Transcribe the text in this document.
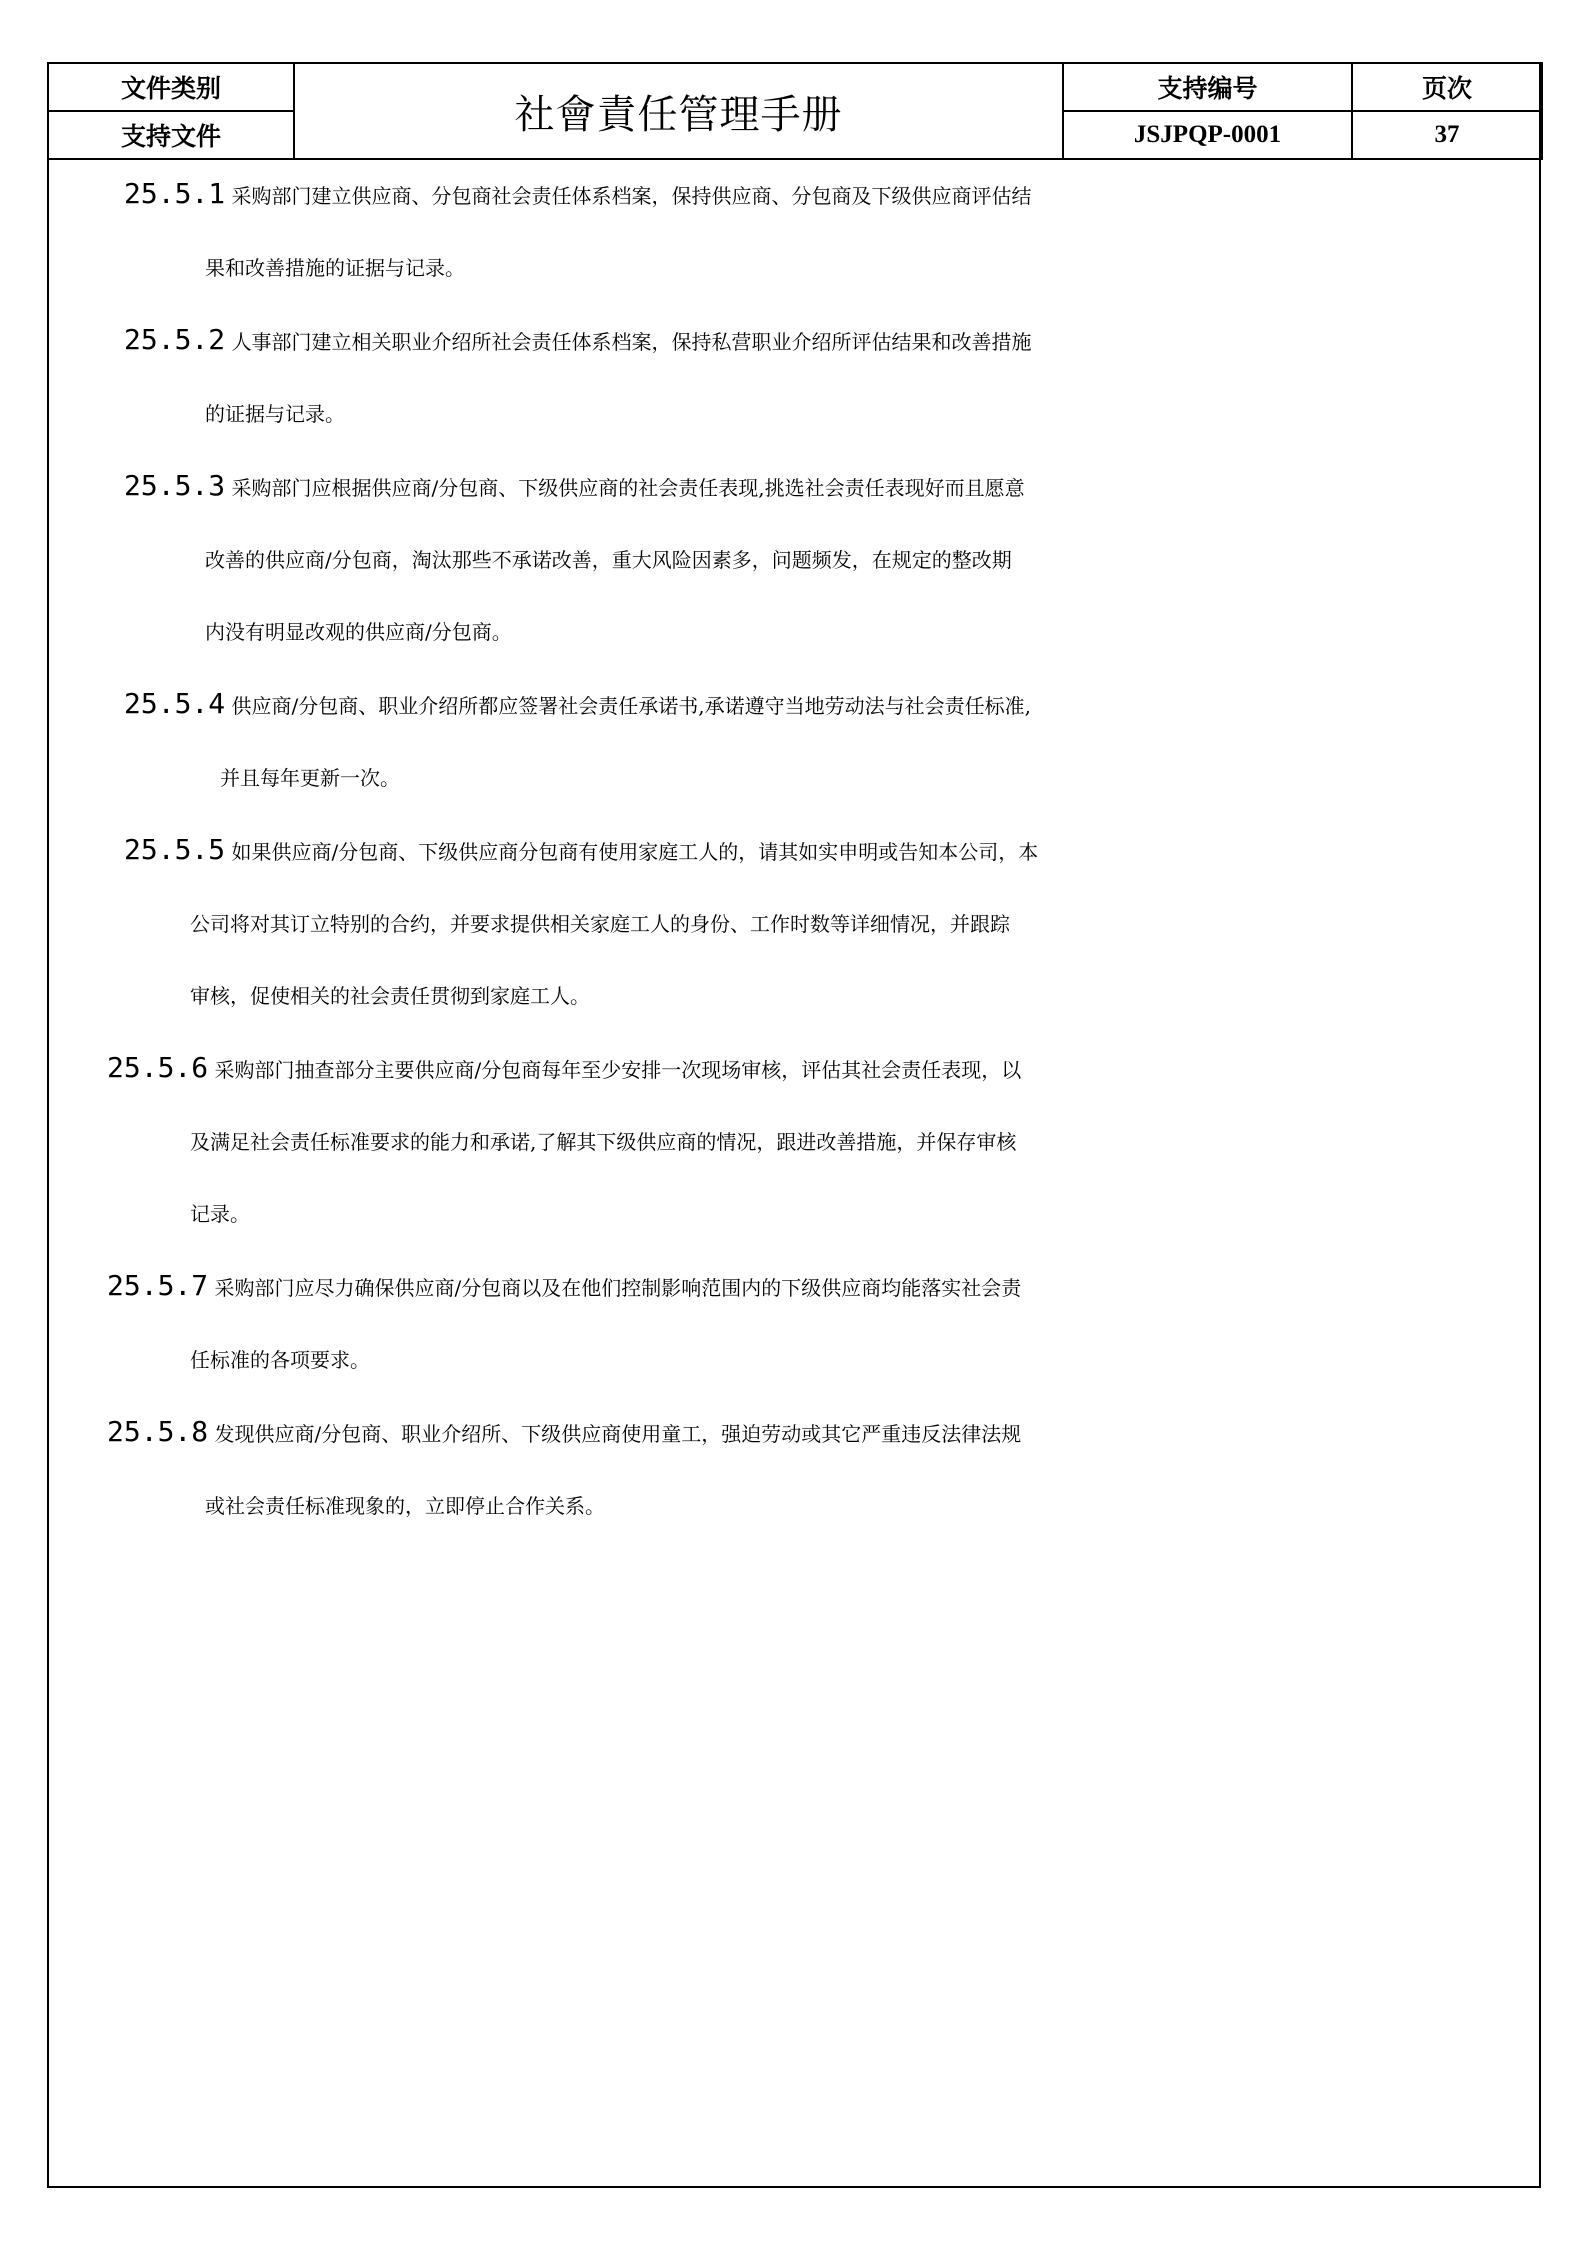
文件类别	社會責任管理手册	支持编号	页次
支持文件		JSJPQP-0001	37

25.5.1 采购部门建立供应商、分包商社会责任体系档案，保持供应商、分包商及下级供应商评估结
果和改善措施的证据与记录。

25.5.2 人事部门建立相关职业介绍所社会责任体系档案，保持私营职业介绍所评估结果和改善措施
的证据与记录。

25.5.3 采购部门应根据供应商/分包商、下级供应商的社会责任表现,挑选社会责任表现好而且愿意
改善的供应商/分包商，淘汰那些不承诺改善，重大风险因素多，问题频发，在规定的整改期
内没有明显改观的供应商/分包商。

25.5.4 供应商/分包商、职业介绍所都应签署社会责任承诺书,承诺遵守当地劳动法与社会责任标准,
并且每年更新一次。

25.5.5 如果供应商/分包商、下级供应商分包商有使用家庭工人的，请其如实申明或告知本公司，本
公司将对其订立特别的合约，并要求提供相关家庭工人的身份、工作时数等详细情况，并跟踪
审核，促使相关的社会责任贯彻到家庭工人。

25.5.6 采购部门抽查部分主要供应商/分包商每年至少安排一次现场审核，评估其社会责任表现，以
及满足社会责任标准要求的能力和承诺,了解其下级供应商的情况，跟进改善措施，并保存审核
记录。

25.5.7 采购部门应尽力确保供应商/分包商以及在他们控制影响范围内的下级供应商均能落实社会责
任标准的各项要求。

25.5.8 发现供应商/分包商、职业介绍所、下级供应商使用童工，强迫劳动或其它严重违反法律法规
或社会责任标准现象的，立即停止合作关系。
